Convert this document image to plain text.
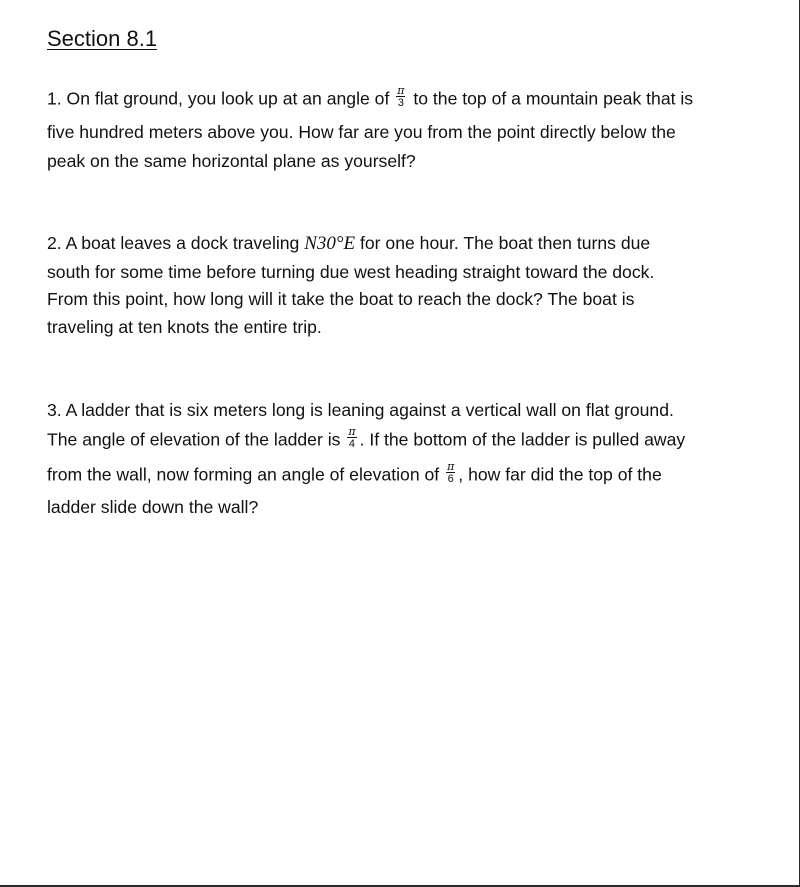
Section 8.1
1. On flat ground, you look up at an angle of $\frac{\pi}{3}$ to the top of a mountain peak that is
five hundred meters above you. How far are you from the point directly below the
peak on the same horizontal plane as yourself?
2. A boat leaves a dock traveling N30°E for one hour. The boat then turns due
south for some time before turning due west heading straight toward the dock.
From this point, how long will it take the boat to reach the dock? The boat is
traveling at ten knots the entire trip.
3. A ladder that is six meters long is leaning against a vertical wall on flat ground.
The angle of elevation of the ladder is $\frac{\pi}{4}$ . If the bottom of the ladder is pulled away
from the wall, now forming an angle of elevation of $\frac{\pi}{6}$ , how far did the top of the
ladder slide down the wall?
